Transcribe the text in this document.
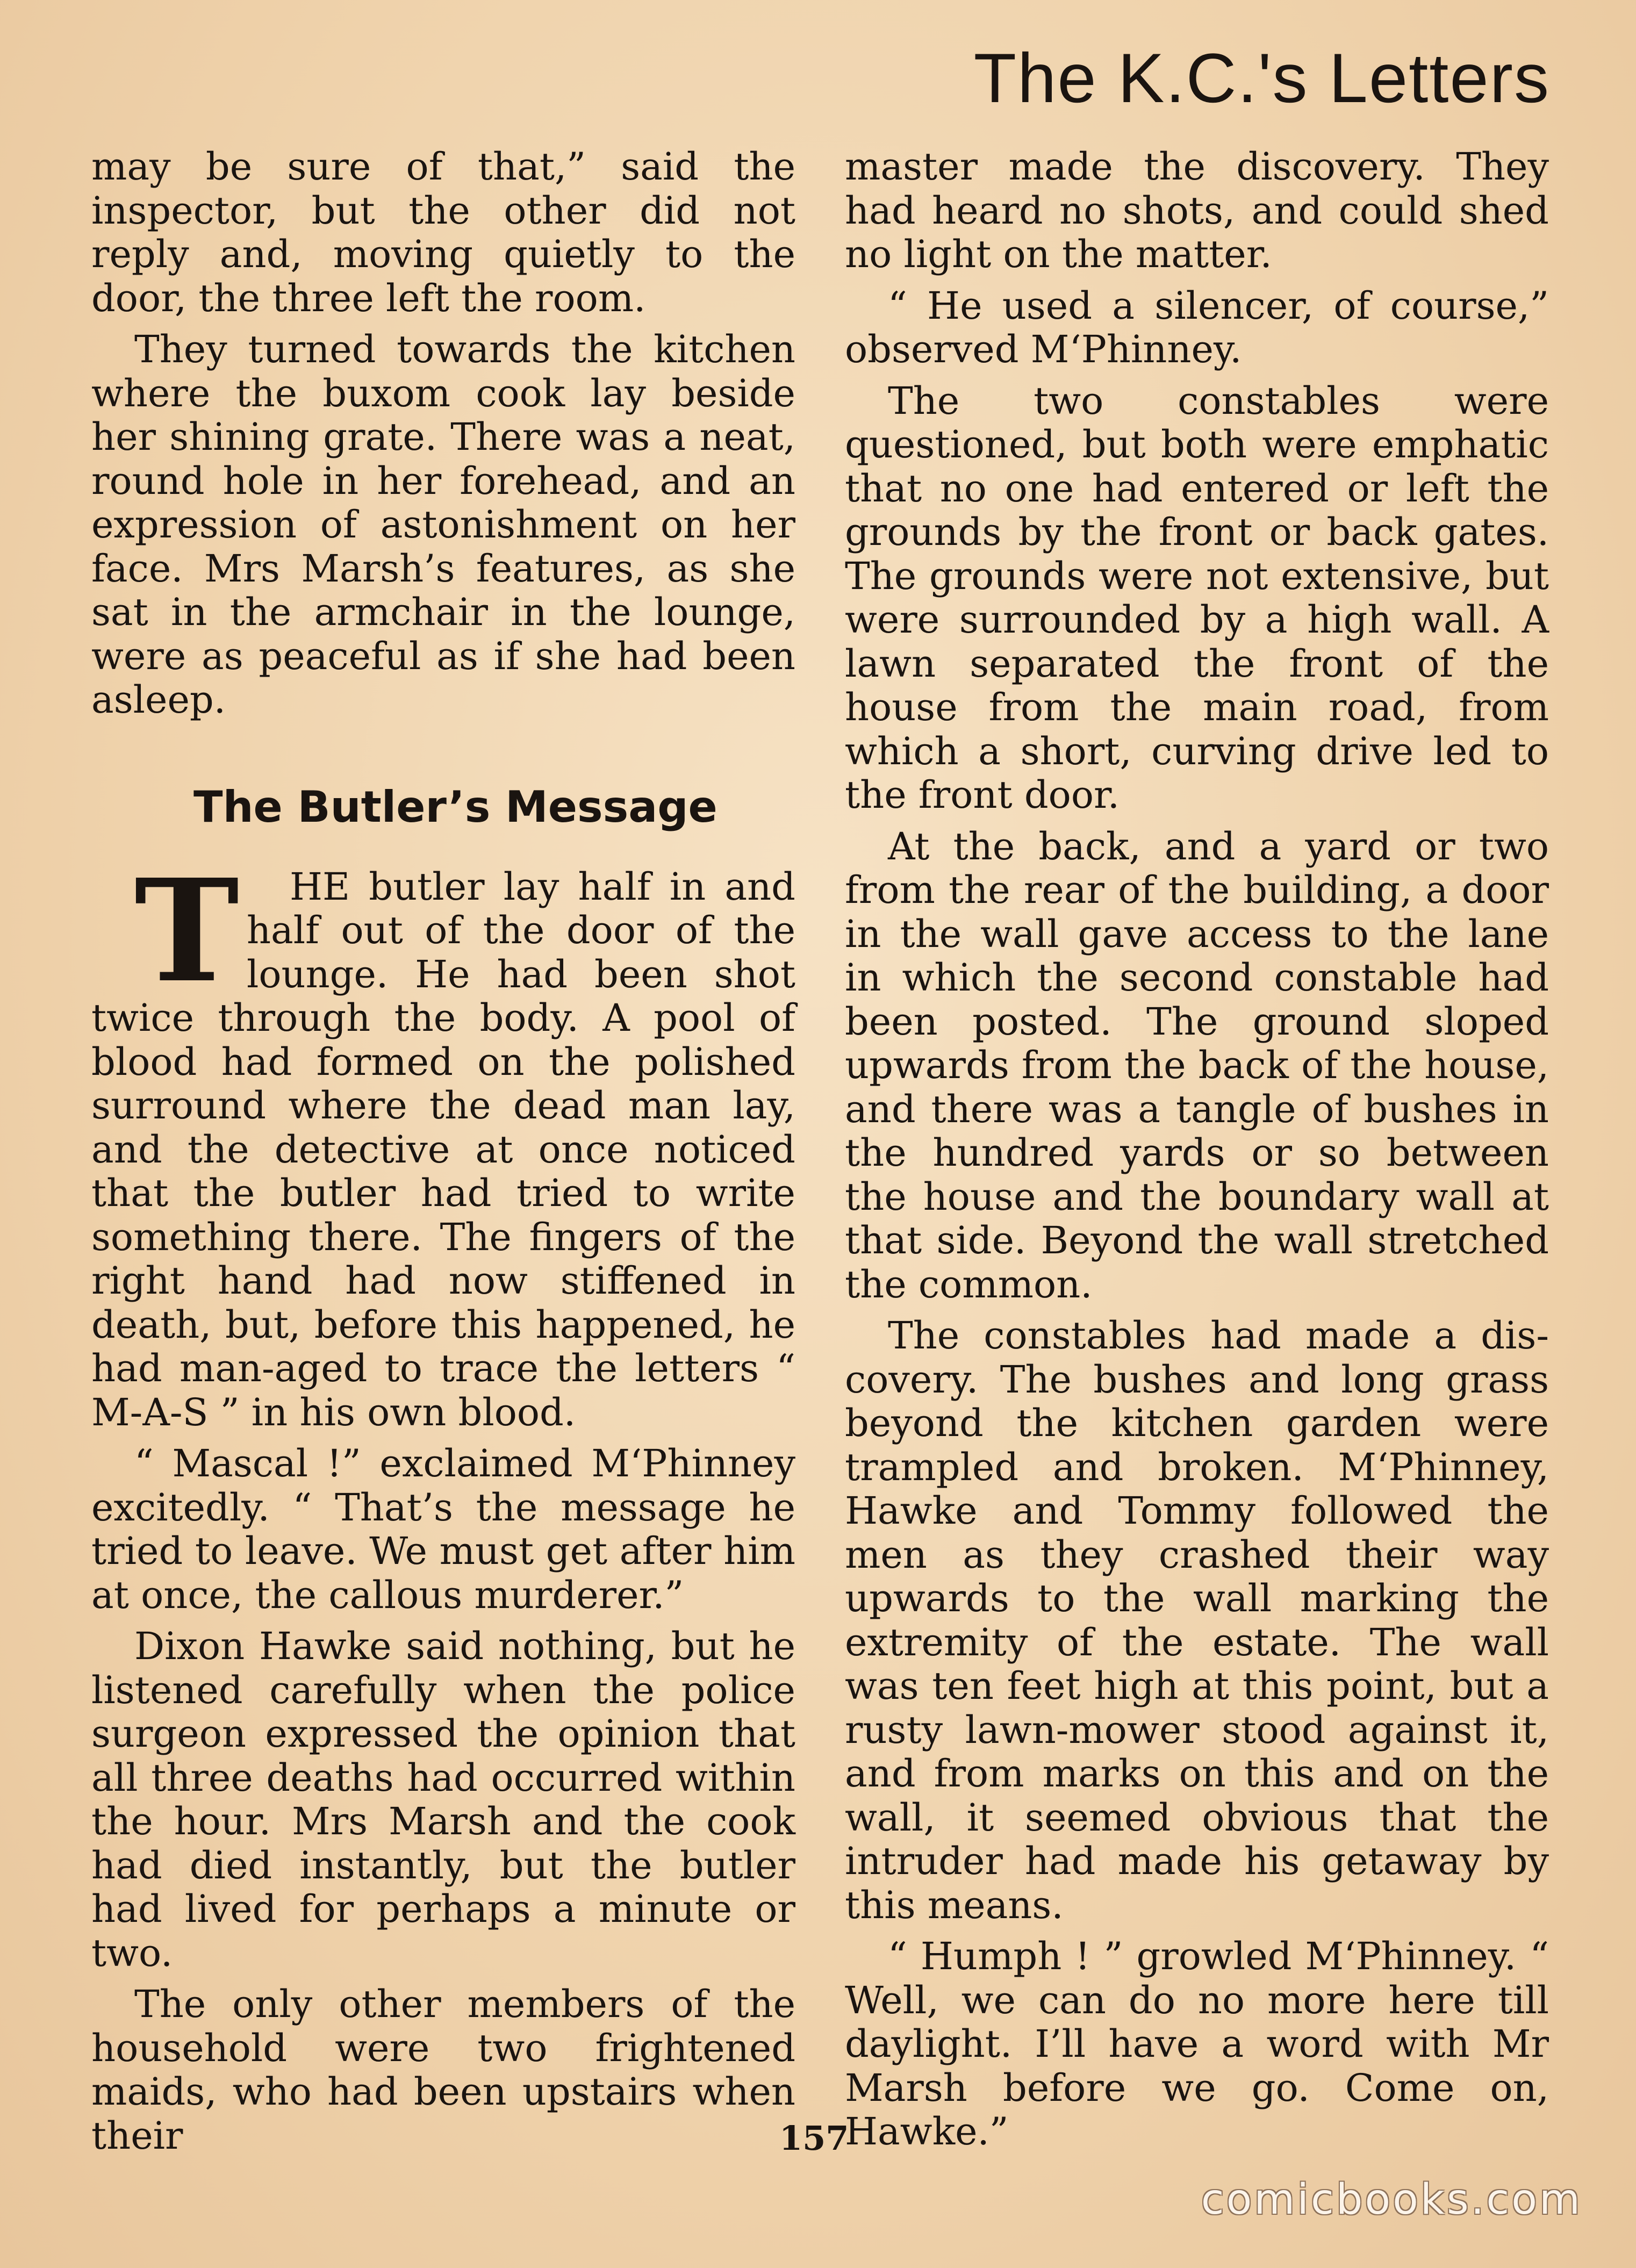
The K.C.'s Letters

may be sure of that,” said the inspector, but the other did not reply and, moving quietly to the door, the three left the room.

They turned towards the kitchen where the buxom cook lay beside her shining grate. There was a neat, round hole in her forehead, and an expression of astonishment on her face. Mrs Marsh’s features, as she sat in the armchair in the lounge, were as peaceful as if she had been asleep.

The Butler’s Message

T HE butler lay half in and half out of the door of the lounge. He had been shot twice through the body. A pool of blood had formed on the polished surround where the dead man lay, and the detective at once noticed that the butler had tried to write something there. The fingers of the right hand had now stiffened in death, but, before this happened, he had man-aged to trace the letters “ M-A-S ” in his own blood.

“ Mascal !” exclaimed M‘Phinney excitedly. “ That’s the message he tried to leave. We must get after him at once, the callous murderer.”

Dixon Hawke said nothing, but he listened carefully when the police surgeon expressed the opinion that all three deaths had occurred within the hour. Mrs Marsh and the cook had died instantly, but the butler had lived for perhaps a minute or two.

The only other members of the household were two frightened maids, who had been upstairs when their

master made the discovery. They had heard no shots, and could shed no light on the matter.

“ He used a silencer, of course,” observed M‘Phinney.

The two constables were questioned, but both were emphatic that no one had entered or left the grounds by the front or back gates. The grounds were not extensive, but were surrounded by a high wall. A lawn separated the front of the house from the main road, from which a short, curving drive led to the front door.

At the back, and a yard or two from the rear of the building, a door in the wall gave access to the lane in which the second constable had been posted. The ground sloped upwards from the back of the house, and there was a tangle of bushes in the hundred yards or so between the house and the boundary wall at that side. Beyond the wall stretched the common.

The constables had made a dis-covery. The bushes and long grass beyond the kitchen garden were trampled and broken. M‘Phinney, Hawke and Tommy followed the men as they crashed their way upwards to the wall marking the extremity of the estate. The wall was ten feet high at this point, but a rusty lawn-mower stood against it, and from marks on this and on the wall, it seemed obvious that the intruder had made his getaway by this means.

“ Humph ! ” growled M‘Phinney. “ Well, we can do no more here till daylight. I’ll have a word with Mr Marsh before we go. Come on, Hawke.”

157
comicbooks.com
